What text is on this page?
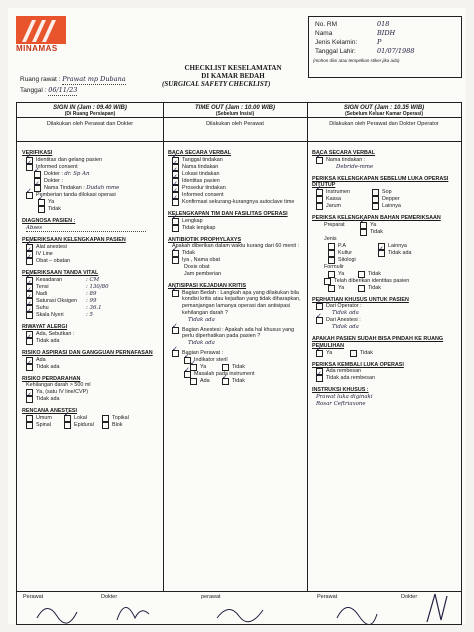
MINAMAS
CHECKLIST KESELAMATAN
DI KAMAR BEDAH
(SURGICAL SAFETY CHECKLIST)
Ruang rawat : Prawat mp Dubana
Tanggal : 06/11/23
No. RM	018
Nama	BIDH
Jenis Kelamin:	P
Tanggal Lahir:	01/07/1988
(mohon diisi atau tempelkan stiker jika ada)
SIGN IN (Jam : 09.40 WIB)
(Di Ruang Persiapan)
Dilakukan oleh Perawat dan Dokter
VERIFIKASI
✓
Identitas dan gelang pasien
✓
Informed consent
✓
Dokter :
dr. Sp An
Dokter :
✓
Nama Tindakan :
Dudah mme
✓
Pemberian tanda dilokasi operasi
✓
Ya
Tidak
DIAGNOSA PASIEN :
Abses
PEMERIKSAAN KELENGKAPAN PASIEN
✓
Alat anestesi
✓
IV Line
✓
Obat – obatan
PEMERIKSAAN TANDA VITAL
✓
Kesadaran	: CM
✓
Tensi	: 130/80
✓
Nadi	: 89
✓
Saturasi Oksigen	: 99
✓
Suhu	: 36.1
✓
Skala Nyeri	: 5
RIWAYAT ALERGI
Ada, Sebutkan :
✓
Tidak ada
RISIKO ASPIRASI DAN GANGGUAN PERNAFASAN
Ada
✓
Tidak ada
RISIKO PERDARAHAN
Kehilangan darah > 500 ml
Ya, (satu IV line/CVP)
✓
Tidak ada
RENCANA ANESTESI
Umum ✓	Lokal	Topikal
Spinal	Epidural	Blok
TIME OUT (Jam : 10.00 WIB)
(Sebelum Insisi)
Dilakukan oleh Perawat
BACA SECARA VERBAL
✓
Tanggal tindakan
✓
Nama tindakan
✓
Lokasi tindakan
✓
Identitas pasien
✓
Prosedur tindakan
✓
Informed consent
✓
Konfirmasi sekurang-kurangnya
autoclave time
KELENGKAPAN TIM DAN FASILITAS OPERASI
✓
Lengkap
Tidak lengkap
ANTIBIOTIK PROPHYLAXYS
Apakah diberikan dalam waktu kurang dari 60 menit :
✓
Tidak
Iya , Nama obat
Dosis obat
Jam pemberian
ANTISIPASI KEJADIAN KRITIS
✓
Bagian Bedah : Langkah apa yang dilakukan bila kondisi kritis atau kejadian yang tidak diharapkan, pemanjangan lamanya operasi dan antisipasi kehilangan darah ?
Tidak ada
✓
Bagian Anestesi : Apakah ada hal khusus yang perlu diperhatikan pada pasien ?
Tidak ada
✓
Bagian Perawat :
✓
Indikator steril
✓
Ya	Tidak
✓
Masalah pada instrument
Ada ✓	Tidak
SIGN OUT (Jam : 10.35 WIB)
(Sebelum Keluar Kamar Operasi)
Dilakukan oleh Perawat dan Dokter Operator
BACA SECARA VERBAL
✓
Nama tindakan :
Debride-mme
PERIKSA KELENGKAPAN SEBELUM LUKA OPERASI DITUTUP
✓
Instrumen	Sop
Kassa	Depper
Jarum	Lainnya
PERIKSA KELENGKAPAN BAHAN PEMERIKSAAN
Preparat ✓	Ya
Tidak
Jenis
P.A	Lainnya
Kultur ✓	Tidak ada
Sitologi
Formulir
Ya	Tidak
Telah diberikan identitas pasien
Ya	Tidak
PERHATIAN KHUSUS UNTUK PASIEN
✓
Dari Operator :
Tidak ada
✓
Dari Anestesi :
Tidak ada
APAKAH PASIEN SUDAH BISA PINDAH KE RUANG PEMULIHAN
✓
Ya	Tidak
PERIKSA KEMBALI LUKA OPERASI
Ada rembesan
✓
Tidak ada rembesan
INSTRUKSI KHUSUS :
Prawat luka diginaki
Rosar Ceftriaxone
Perawat	Dokter	perawat	Perawat	Dokter
